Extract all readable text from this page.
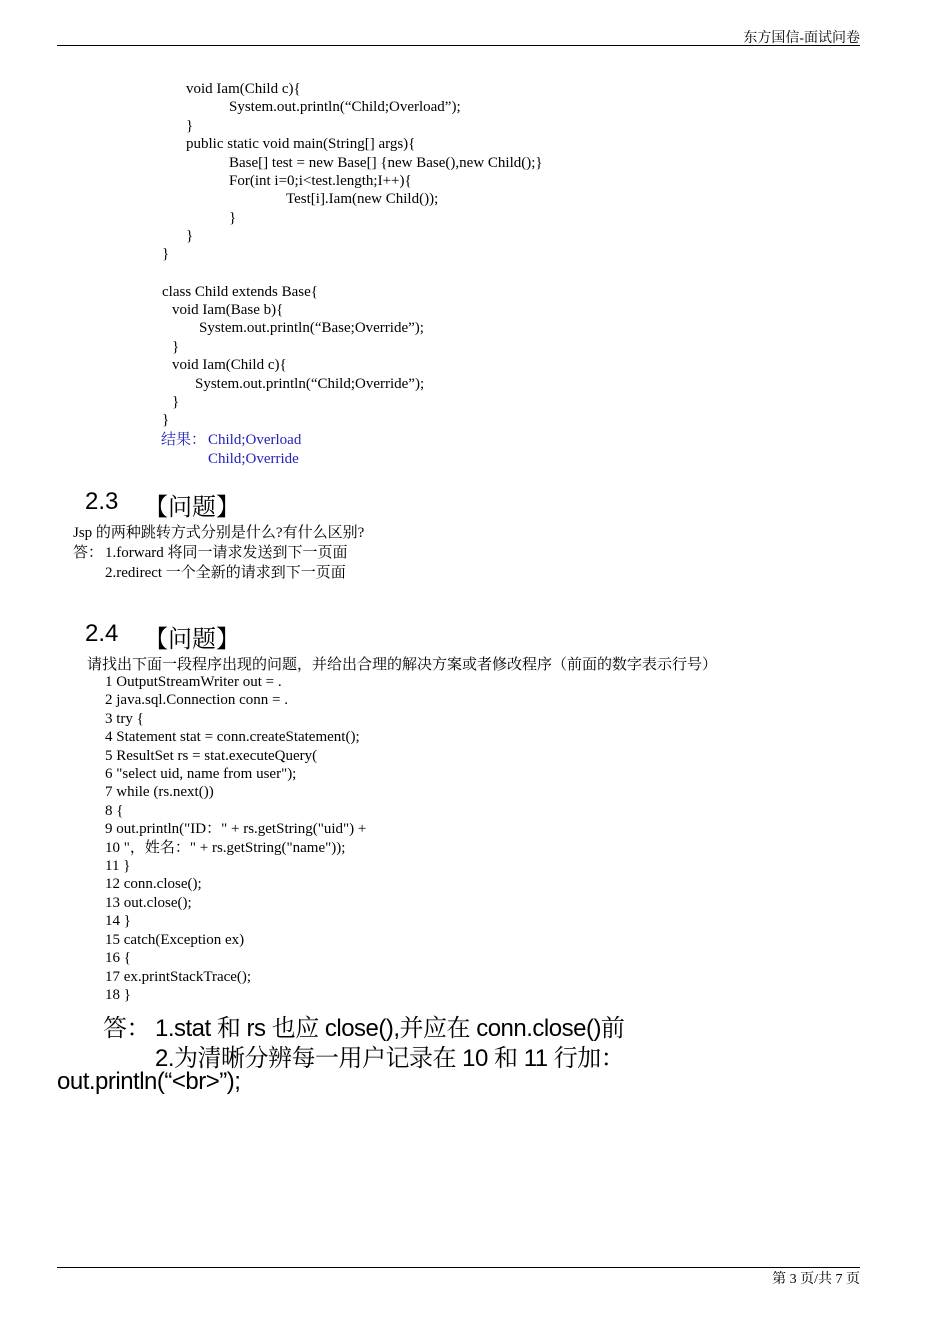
东方国信-面试问卷
void Iam(Child c){
System.out.println(“Child;Overload”);
}
public static void main(String[] args){
Base[] test = new Base[] {new Base(),new Child();}
For(int i=0;i<test.length;I++){
Test[i].Iam(new Child());
}
}
}
class Child extends Base{
void Iam(Base b){
System.out.println(“Base;Override”);
}
void Iam(Child c){
System.out.println(“Child;Override”);
}
}
结果： Child;Overload
Child;Override
2.3 【问题】
Jsp 的两种跳转方式分别是什么?有什么区别?
答： 1.forward 将同一请求发送到下一页面
2.redirect 一个全新的请求到下一页面
2.4 【问题】
请找出下面一段程序出现的问题，并给出合理的解决方案或者修改程序（前面的数字表示行号）
1 OutputStreamWriter out = .
2 java.sql.Connection conn = .
3 try {
4 Statement stat = conn.createStatement();
5 ResultSet rs = stat.executeQuery(
6 "select uid, name from user");
7 while (rs.next())
8 {
9 out.println("ID：" + rs.getString("uid") +
10 "，姓名：" + rs.getString("name"));
11 }
12 conn.close();
13 out.close();
14 }
15 catch(Exception ex)
16 {
17 ex.printStackTrace();
18 }
答： 1.stat 和 rs 也应 close(),并应在 conn.close()前
2.为清晰分辨每一用户记录在 10 和 11 行加：
out.println(“<br>”);
第 3 页/共 7 页
